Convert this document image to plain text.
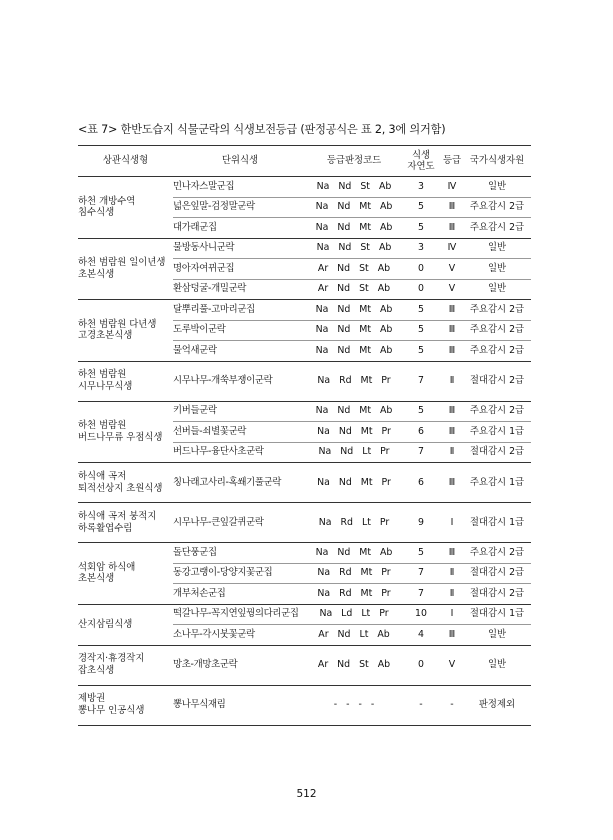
<표 7> 한반도습지 식물군락의 식생보전등급 (판정공식은 표 2, 3에 의거함)
상관식생형	단위식생	등급판정코드	식생
자연도	등급	국가식생자원
하천 개방수역
침수식생	민나자스말군집	Na Nd St Ab	3	Ⅳ	일반
	넓은잎말-검정말군락	Na Nd Mt Ab	5	Ⅲ	주요감시 2급
	대가래군집	Na Nd Mt Ab	5	Ⅲ	주요감시 2급
하천 범람원 일이년생
초본식생	물방동사니군락	Na Nd St Ab	3	Ⅳ	일반
	명아자여뀌군집	Ar Nd St Ab	0	Ⅴ	일반
	환삼덩굴-개밀군락	Ar Nd St Ab	0	Ⅴ	일반
하천 범람원 다년생
고경초본식생	달뿌리풀-고마리군집	Na Nd Mt Ab	5	Ⅲ	주요감시 2급
	도루박이군락	Na Nd Mt Ab	5	Ⅲ	주요감시 2급
	물억새군락	Na Nd Mt Ab	5	Ⅲ	주요감시 2급
하천 범람원
시무나무식생	시무나무-개쑥부쟁이군락	Na Rd Mt Pr	7	Ⅱ	절대감시 2급
하천 범람원
버드나무류 우점식생	키버들군락	Na Nd Mt Ab	5	Ⅲ	주요감시 2급
	선버들-쇠별꽃군락	Na Nd Mt Pr	6	Ⅲ	주요감시 1급
	버드나무-융단사초군락	Na Nd Lt Pr	7	Ⅱ	절대감시 2급
하식애 곡저
퇴적선상지 초원식생	칭나래고사리-혹쐐기풀군락	Na Nd Mt Pr	6	Ⅲ	주요감시 1급
하식애 곡저 붕적지
하록활엽수림	시무나무-큰잎갈퀴군락	Na Rd Lt Pr	9	Ⅰ	절대감시 1급
석회암 하식애
초본식생	돌단풍군집	Na Nd Mt Ab	5	Ⅲ	주요감시 2급
	동강고랭이-당양지꽃군집	Na Rd Mt Pr	7	Ⅱ	절대감시 2급
	개부처손군집	Na Rd Mt Pr	7	Ⅱ	절대감시 2급
산지삼림식생	떡갈나무-꼭지연잎꿩의다리군집	Na Ld Lt Pr	10	Ⅰ	절대감시 1급
	소나무-각시붓꽃군락	Ar Nd Lt Ab	4	Ⅲ	일반
경작지·휴경작지
잡초식생	망초-개망초군락	Ar Nd St Ab	0	Ⅴ	일반
제방권
뽕나무 인공식생	뽕나무식재림	- - - -	-	-	판정제외
512
